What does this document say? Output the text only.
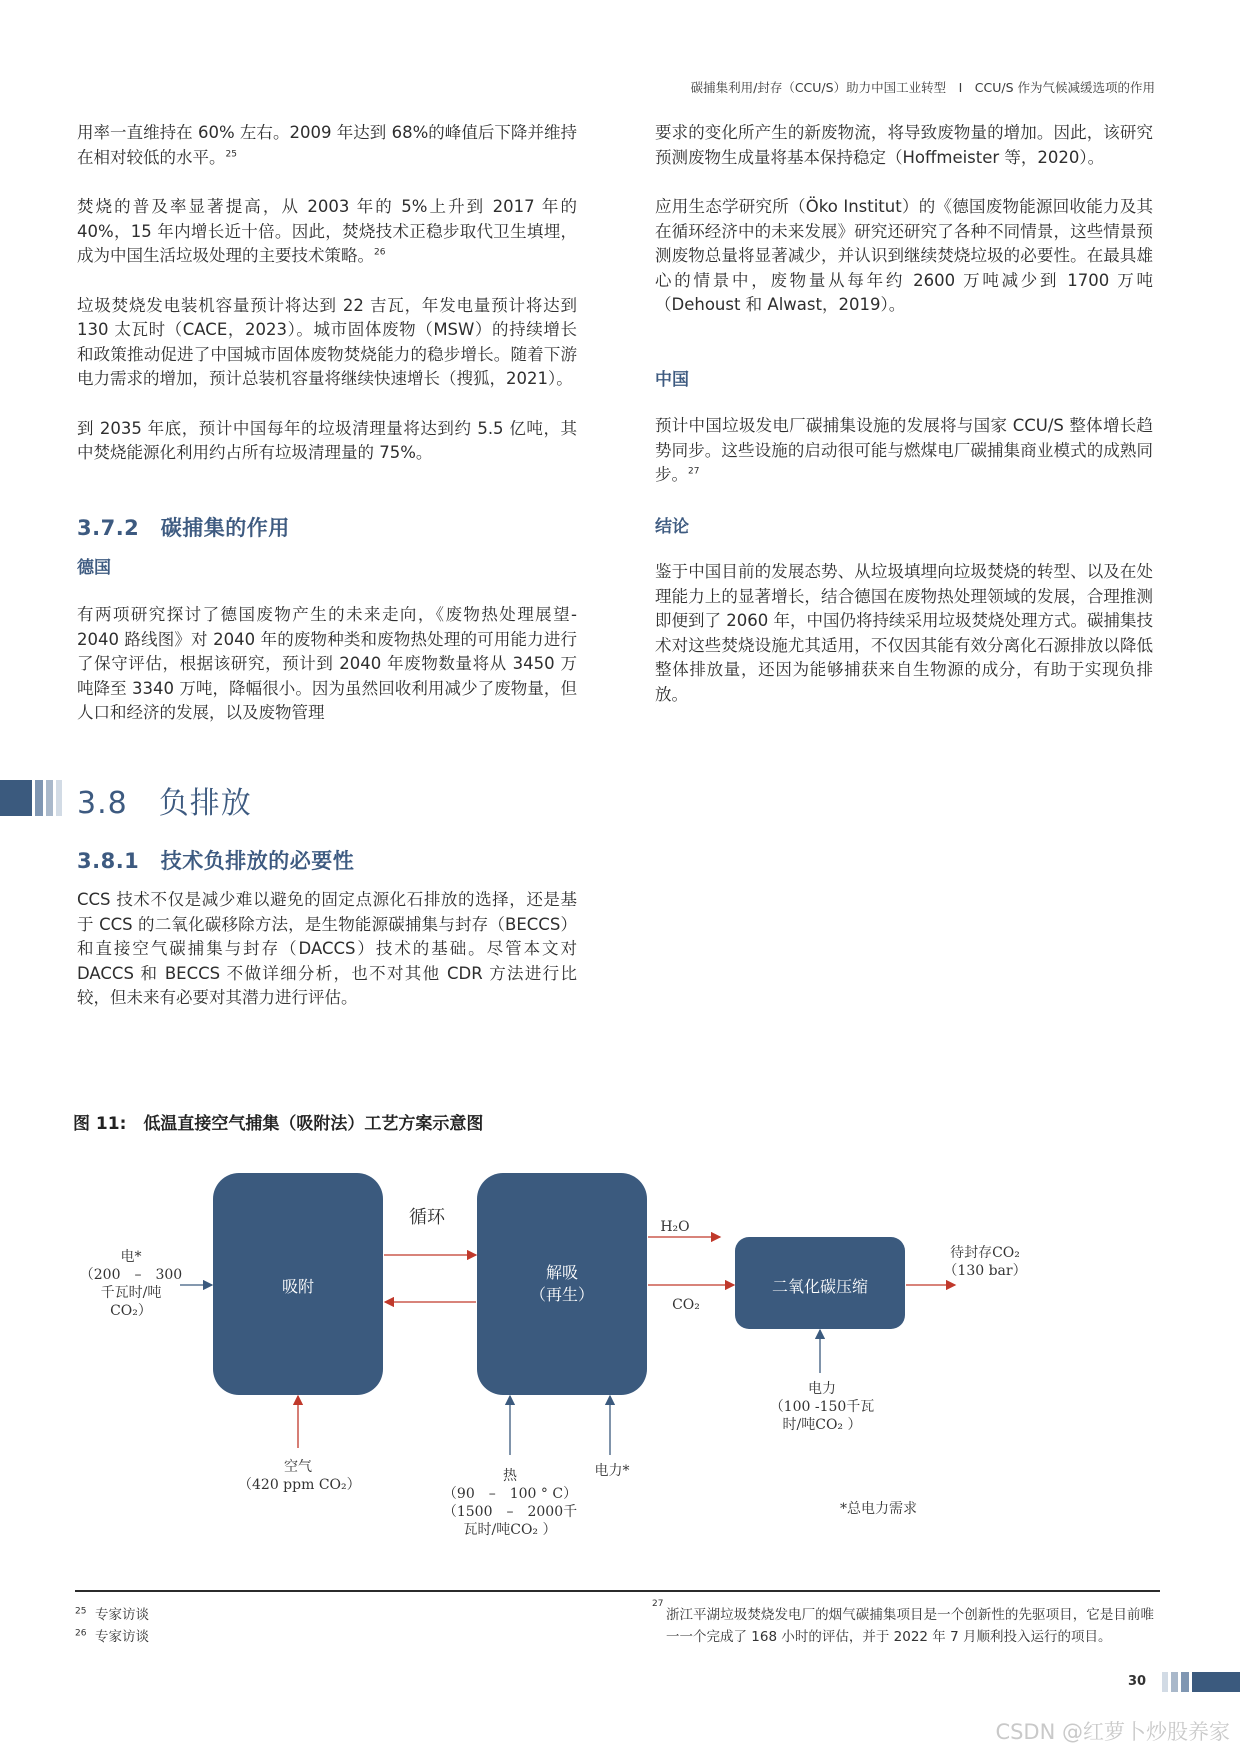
碳捕集利用/封存（CCU/S）助力中国工业转型　I　CCU/S 作为气候减缓选项的作用

用率一直维持在 60% 左右。2009 年达到 68%的峰值后下降并维持在相对较低的水平。$^{25}$

焚烧的普及率显著提高，从 2003 年的 5%上升到 2017 年的 40%，15 年内增长近十倍。因此，焚烧技术正稳步取代卫生填埋，成为中国生活垃圾处理的主要技术策略。$^{26}$

垃圾焚烧发电装机容量预计将达到 22 吉瓦，年发电量预计将达到 130 太瓦时（CACE，2023）。城市固体废物（MSW）的持续增长和政策推动促进了中国城市固体废物焚烧能力的稳步增长。随着下游电力需求的增加，预计总装机容量将继续快速增长（搜狐，2021）。

到 2035 年底，预计中国每年的垃圾清理量将达到约 5.5 亿吨，其中焚烧能源化利用约占所有垃圾清理量的 75%。

3.7.2　碳捕集的作用
德国

有两项研究探讨了德国废物产生的未来走向，《废物热处理展望- 2040 路线图》对 2040 年的废物种类和废物热处理的可用能力进行了保守评估，根据该研究，预计到 2040 年废物数量将从 3450 万吨降至 3340 万吨，降幅很小。因为虽然回收利用减少了废物量，但人口和经济的发展，以及废物管理

要求的变化所产生的新废物流，将导致废物量的增加。因此，该研究预测废物生成量将基本保持稳定（Hoffmeister 等，2020）。

应用生态学研究所（Öko Institut）的《德国废物能源回收能力及其在循环经济中的未来发展》研究还研究了各种不同情景，这些情景预测废物总量将显著减少，并认识到继续焚烧垃圾的必要性。在最具雄心的情景中，废物量从每年约 2600 万吨减少到 1700 万吨（Dehoust 和 Alwast，2019）。

中国

预计中国垃圾发电厂碳捕集设施的发展将与国家 CCU/S 整体增长趋势同步。这些设施的启动很可能与燃煤电厂碳捕集商业模式的成熟同步。$^{27}$

结论

鉴于中国目前的发展态势、从垃圾填埋向垃圾焚烧的转型、以及在处理能力上的显著增长，结合德国在废物热处理领域的发展，合理推测即便到了 2060 年，中国仍将持续采用垃圾焚烧处理方式。碳捕集技术对这些焚烧设施尤其适用，不仅因其能有效分离化石源排放以降低整体排放量，还因为能够捕获来自生物源的成分，有助于实现负排放。

3.8　负排放
3.8.1　技术负排放的必要性

CCS 技术不仅是减少难以避免的固定点源化石排放的选择，还是基于 CCS 的二氧化碳移除方法，是生物能源碳捕集与封存（BECCS）和直接空气碳捕集与封存（DACCS）技术的基础。尽管本文对 DACCS 和 BECCS 不做详细分析，也不对其他 CDR 方法进行比较，但未来有必要对其潜力进行评估。

图 11:　低温直接空气捕集（吸附法）工艺方案示意图
吸附
解吸
（再生）	二氧化碳压缩
循环
电*
（200　–　300
千瓦时/吨
CO₂）
空气
（420 ppm CO₂）
热
（90　–　100 ° C）
（1500　–　2000千
瓦时/吨CO₂ ）
电力*
H₂O
CO₂
待封存CO₂
（130 bar）
电力
（100 -150千瓦
时/吨CO₂ ）
*总电力需求
$^{25}$ 专家访谈
$^{26}$ 专家访谈
27
浙江平湖垃圾焚烧发电厂的烟气碳捕集项目是一个创新性的先驱项目，它是目前唯一一个完成了 168 小时的评估，并于 2022 年 7 月顺利投入运行的项目。
30
CSDN @红萝卜炒股养家
